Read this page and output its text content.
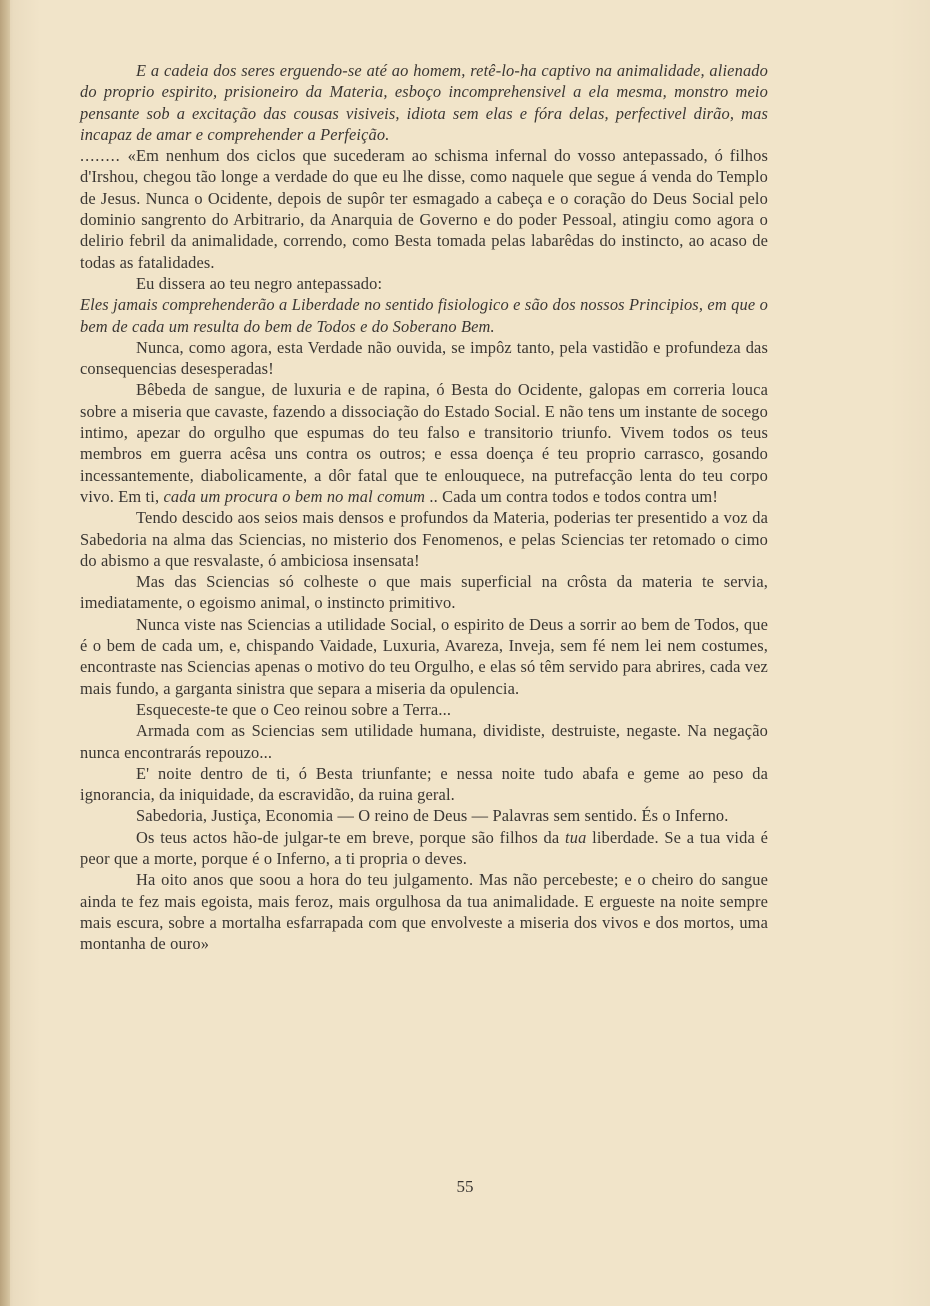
E a cadeia dos seres erguendo-se até ao homem, retê-lo-ha captivo na animalidade, alienado do proprio espirito, prisioneiro da Materia, esboço incomprehensivel a ela mesma, monstro meio pensante sob a excitação das cousas visiveis, idiota sem elas e fóra delas, perfectivel dirão, mas incapaz de amar e comprehender a Perfeição.

........ «Em nenhum dos ciclos que sucederam ao schisma infernal do vosso antepassado, ó filhos d'Irshou, chegou tão longe a verdade do que eu lhe disse, como naquele que segue á venda do Templo de Jesus. Nunca o Ocidente, depois de supôr ter esmagado a cabeça e o coração do Deus Social pelo dominio sangrento do Arbitrario, da Anarquia de Governo e do poder Pessoal, atingiu como agora o delirio febril da animalidade, correndo, como Besta tomada pelas labarêdas do instincto, ao acaso de todas as fatalidades.

Eu dissera ao teu negro antepassado:

Eles jamais comprehenderão a Liberdade no sentido fisiologico e são dos nossos Principios, em que o bem de cada um resulta do bem de Todos e do Soberano Bem.

Nunca, como agora, esta Verdade não ouvida, se impôz tanto, pela vastidão e profundeza das consequencias desesperadas!

Bêbeda de sangue, de luxuria e de rapina, ó Besta do Ocidente, galopas em correria louca sobre a miseria que cavaste, fazendo a dissociação do Estado Social. E não tens um instante de socego intimo, apezar do orgulho que espumas do teu falso e transitorio triunfo. Vivem todos os teus membros em guerra acêsa uns contra os outros; e essa doença é teu proprio carrasco, gosando incessantemente, diabolicamente, a dôr fatal que te enlouquece, na putrefacção lenta do teu corpo vivo. Em ti, cada um procura o bem no mal comum .. Cada um contra todos e todos contra um!

Tendo descido aos seios mais densos e profundos da Materia, poderias ter presentido a voz da Sabedoria na alma das Sciencias, no misterio dos Fenomenos, e pelas Sciencias ter retomado o cimo do abismo a que resvalaste, ó ambiciosa insensata!

Mas das Sciencias só colheste o que mais superficial na crôsta da materia te servia, imediatamente, o egoismo animal, o instincto primitivo.

Nunca viste nas Sciencias a utilidade Social, o espirito de Deus a sorrir ao bem de Todos, que é o bem de cada um, e, chispando Vaidade, Luxuria, Avareza, Inveja, sem fé nem lei nem costumes, encontraste nas Sciencias apenas o motivo do teu Orgulho, e elas só têm servido para abrires, cada vez mais fundo, a garganta sinistra que separa a miseria da opulencia.

Esqueceste-te que o Ceo reinou sobre a Terra...

Armada com as Sciencias sem utilidade humana, dividiste, destruiste, negaste. Na negação nunca encontrarás repouzo...

E' noite dentro de ti, ó Besta triunfante; e nessa noite tudo abafa e geme ao peso da ignorancia, da iniquidade, da escravidão, da ruina geral.

Sabedoria, Justiça, Economia — O reino de Deus — Palavras sem sentido. És o Inferno.

Os teus actos hão-de julgar-te em breve, porque são filhos da tua liberdade. Se a tua vida é peor que a morte, porque é o Inferno, a ti propria o deves.

Ha oito anos que soou a hora do teu julgamento. Mas não percebeste; e o cheiro do sangue ainda te fez mais egoista, mais feroz, mais orgulhosa da tua animalidade. E ergueste na noite sempre mais escura, sobre a mortalha esfarrapada com que envolveste a miseria dos vivos e dos mortos, uma montanha de ouro»

55
